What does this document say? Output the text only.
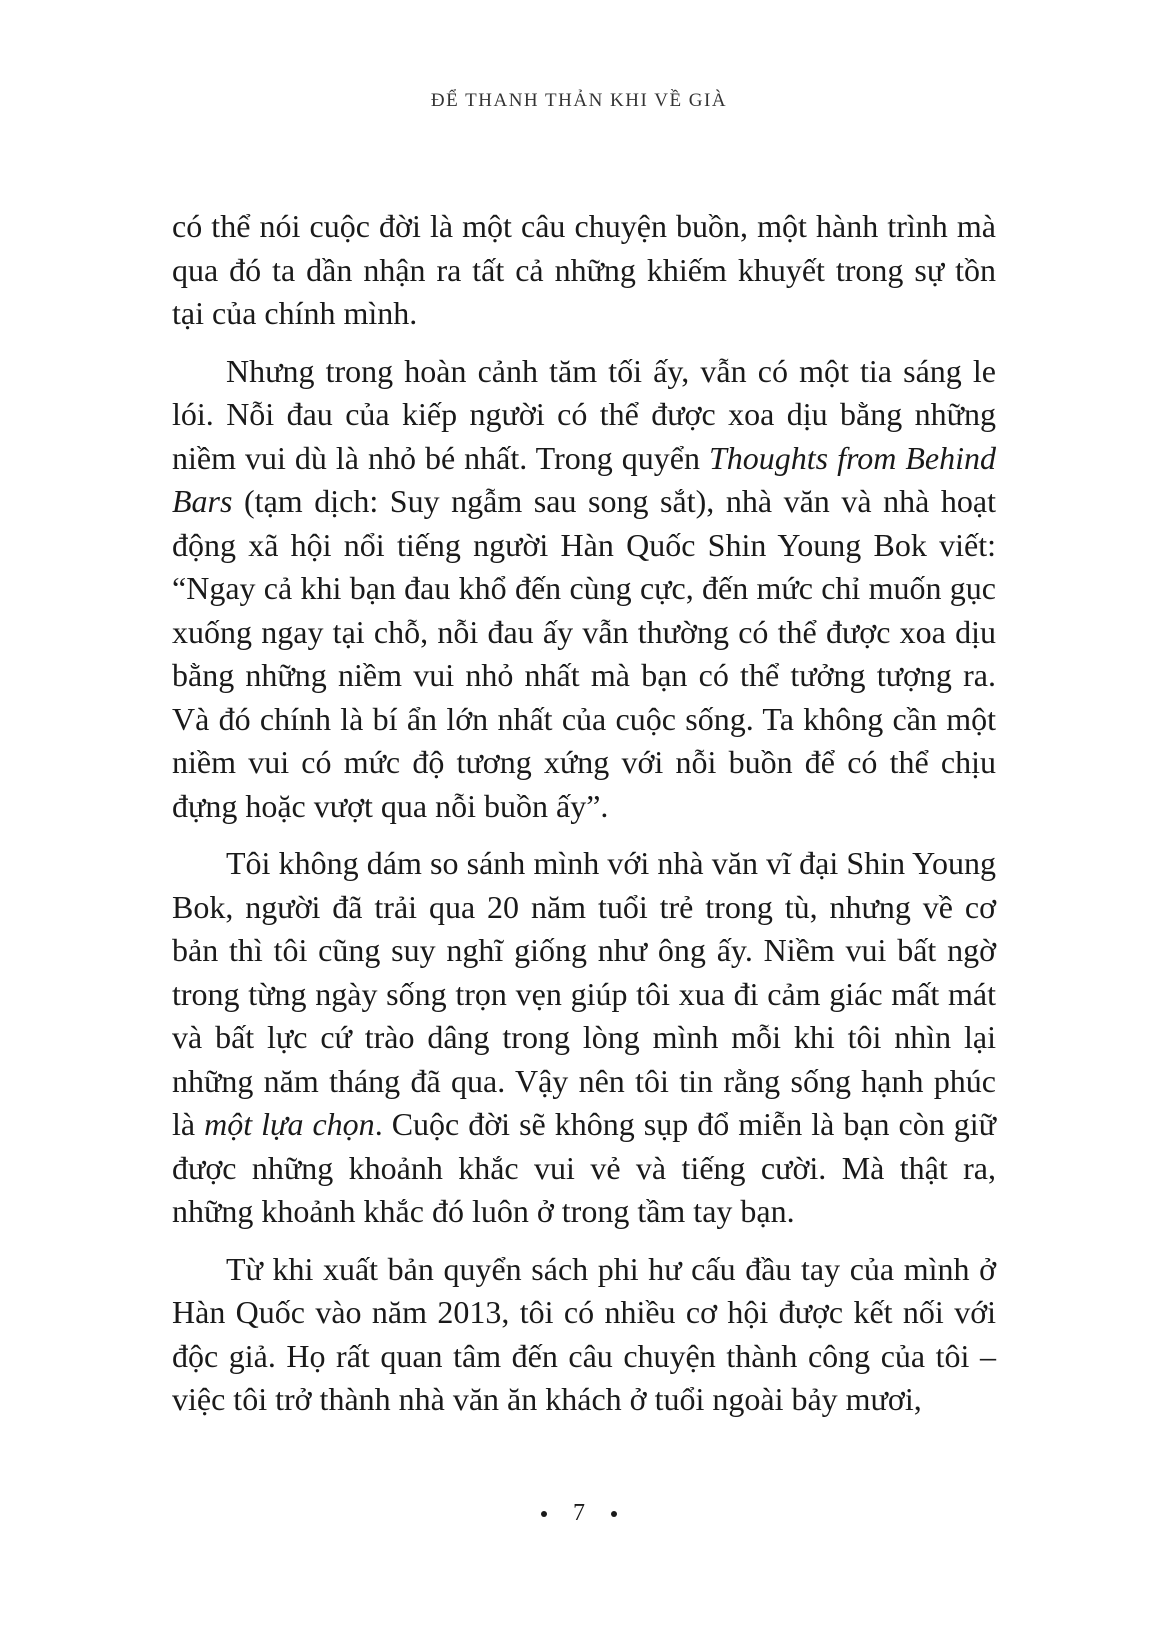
ĐỂ THANH THẢN KHI VỀ GIÀ

có thể nói cuộc đời là một câu chuyện buồn, một hành trình mà qua đó ta dần nhận ra tất cả những khiếm khuyết trong sự tồn tại của chính mình.

Nhưng trong hoàn cảnh tăm tối ấy, vẫn có một tia sáng le lói. Nỗi đau của kiếp người có thể được xoa dịu bằng những niềm vui dù là nhỏ bé nhất. Trong quyển Thoughts from Behind Bars (tạm dịch: Suy ngẫm sau song sắt), nhà văn và nhà hoạt động xã hội nổi tiếng người Hàn Quốc Shin Young Bok viết: “Ngay cả khi bạn đau khổ đến cùng cực, đến mức chỉ muốn gục xuống ngay tại chỗ, nỗi đau ấy vẫn thường có thể được xoa dịu bằng những niềm vui nhỏ nhất mà bạn có thể tưởng tượng ra. Và đó chính là bí ẩn lớn nhất của cuộc sống. Ta không cần một niềm vui có mức độ tương xứng với nỗi buồn để có thể chịu đựng hoặc vượt qua nỗi buồn ấy”.

Tôi không dám so sánh mình với nhà văn vĩ đại Shin Young Bok, người đã trải qua 20 năm tuổi trẻ trong tù, nhưng về cơ bản thì tôi cũng suy nghĩ giống như ông ấy. Niềm vui bất ngờ trong từng ngày sống trọn vẹn giúp tôi xua đi cảm giác mất mát và bất lực cứ trào dâng trong lòng mình mỗi khi tôi nhìn lại những năm tháng đã qua. Vậy nên tôi tin rằng sống hạnh phúc là một lựa chọn. Cuộc đời sẽ không sụp đổ miễn là bạn còn giữ được những khoảnh khắc vui vẻ và tiếng cười. Mà thật ra, những khoảnh khắc đó luôn ở trong tầm tay bạn.

Từ khi xuất bản quyển sách phi hư cấu đầu tay của mình ở Hàn Quốc vào năm 2013, tôi có nhiều cơ hội được kết nối với độc giả. Họ rất quan tâm đến câu chuyện thành công của tôi – việc tôi trở thành nhà văn ăn khách ở tuổi ngoài bảy mươi,

7
